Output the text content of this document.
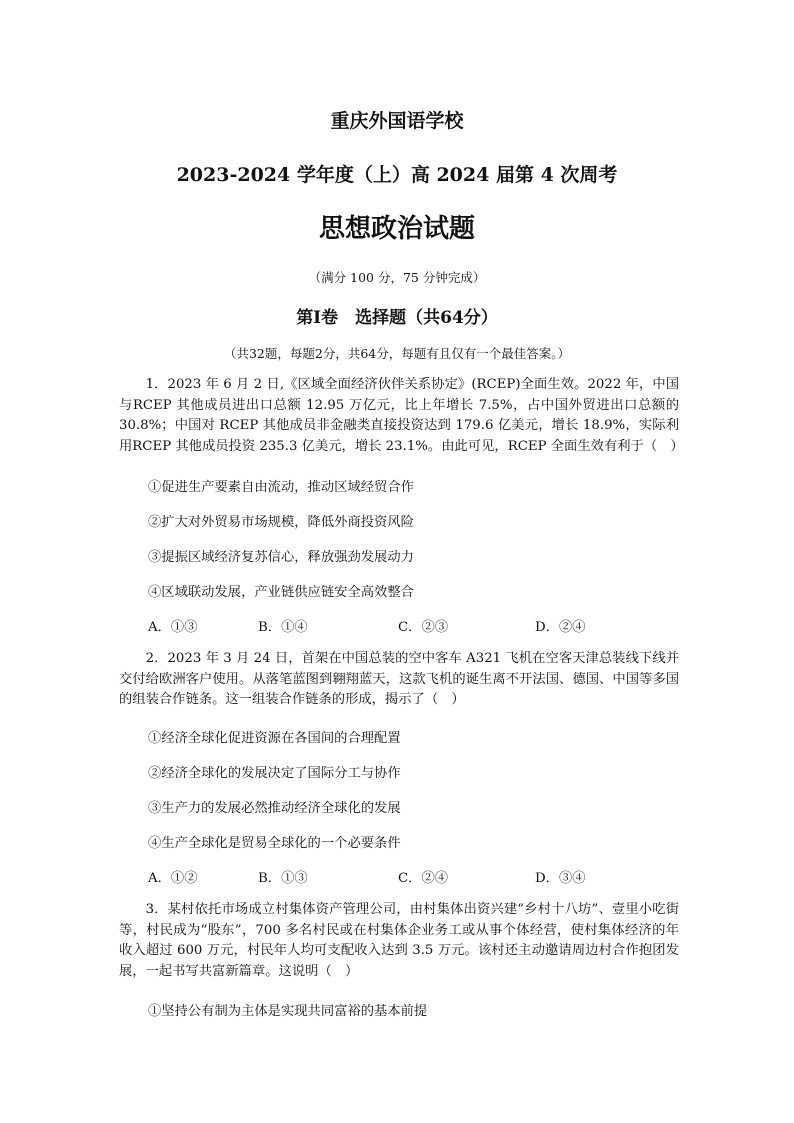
重庆外国语学校
2023-2024 学年度（上）高 2024 届第 4 次周考
思想政治试题
（满分 100 分，75 分钟完成）
第Ⅰ卷　选择题（共64分）
（共32题，每题2分，共64分，每题有且仅有一个最佳答案。）
1．2023 年 6 月 2 日,《区域全面经济伙伴关系协定》(RCEP)全面生效。2022 年，中国与RCEP 其他成员进出口总额 12.95 万亿元，比上年增长 7.5%，占中国外贸进出口总额的 30.8%；中国对 RCEP 其他成员非金融类直接投资达到 179.6 亿美元，增长 18.9%，实际利用RCEP 其他成员投资 235.3 亿美元，增长 23.1%。由此可见，RCEP 全面生效有利于（　）
①促进生产要素自由流动，推动区域经贸合作
②扩大对外贸易市场规模，降低外商投资风险
③提振区域经济复苏信心，释放强劲发展动力
④区域联动发展，产业链供应链安全高效整合
A．①③	B．①④	C．②③	D．②④
2．2023 年 3 月 24 日，首架在中国总装的空中客车 A321 飞机在空客天津总装线下线并交付给欧洲客户使用。从落笔蓝图到翱翔蓝天，这款飞机的诞生离不开法国、德国、中国等多国的组装合作链条。这一组装合作链条的形成，揭示了（　）
①经济全球化促进资源在各国间的合理配置
②经济全球化的发展决定了国际分工与协作
③生产力的发展必然推动经济全球化的发展
④生产全球化是贸易全球化的一个必要条件
A．①②	B．①③	C．②④	D．③④
3．某村依托市场成立村集体资产管理公司，由村集体出资兴建“乡村十八坊”、壹里小吃街等，村民成为“股东”，700 多名村民或在村集体企业务工或从事个体经营，使村集体经济的年收入超过 600 万元，村民年人均可支配收入达到 3.5 万元。该村还主动邀请周边村合作抱团发展，一起书写共富新篇章。这说明（　）
①坚持公有制为主体是实现共同富裕的基本前提
